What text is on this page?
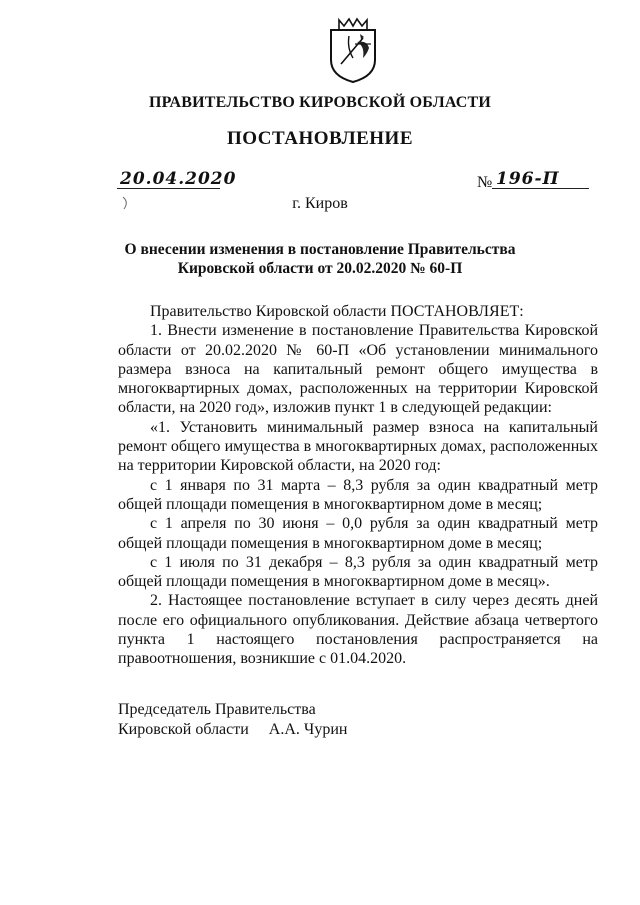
ПРАВИТЕЛЬСТВО КИРОВСКОЙ ОБЛАСТИ
ПОСТАНОВЛЕНИЕ
20.04.2020	№ 196-П
г. Киров
О внесении изменения в постановление Правительства
Кировской области от 20.02.2020 № 60-П

Правительство Кировской области ПОСТАНОВЛЯЕТ:

1. Внести изменение в постановление Правительства Кировской области от 20.02.2020 № 60-П «Об установлении минимального размера взноса на капитальный ремонт общего имущества в многоквартирных домах, расположенных на территории Кировской области, на 2020 год», изложив пункт 1 в следующей редакции:

«1. Установить минимальный размер взноса на капитальный ремонт общего имущества в многоквартирных домах, расположенных на территории Кировской области, на 2020 год:

с 1 января по 31 марта – 8,3 рубля за один квадратный метр общей площади помещения в многоквартирном доме в месяц;

с 1 апреля по 30 июня – 0,0 рубля за один квадратный метр общей площади помещения в многоквартирном доме в месяц;

с 1 июля по 31 декабря – 8,3 рубля за один квадратный метр общей площади помещения в многоквартирном доме в месяц».

2. Настоящее постановление вступает в силу через десять дней после его официального опубликования. Действие абзаца четвертого пункта 1 настоящего постановления распространяется на правоотношения, возникшие с 01.04.2020.

Председатель Правительства
Кировской области     А.А. Чурин
